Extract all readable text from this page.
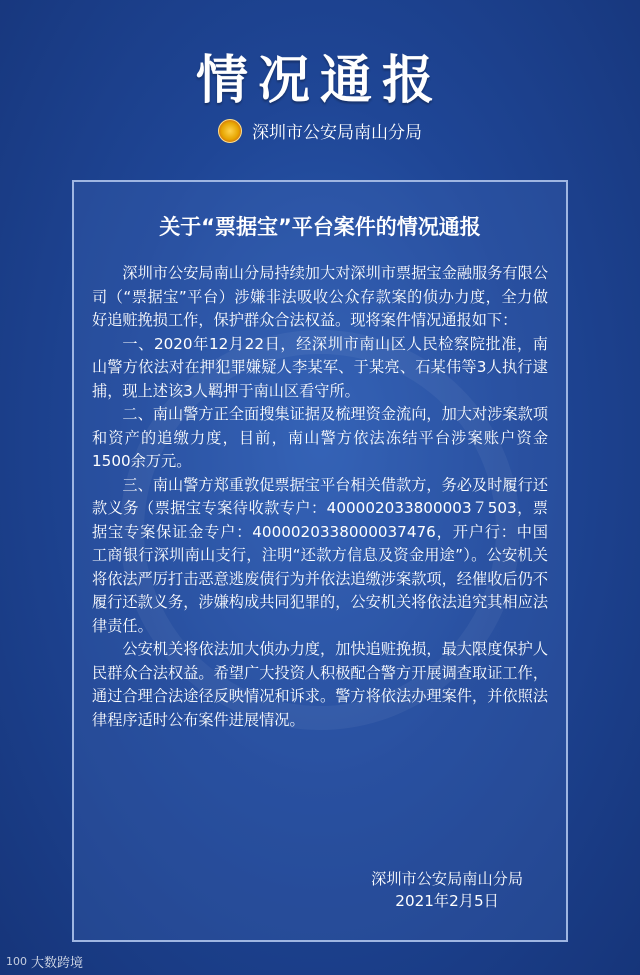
情况通报
深圳市公安局南山分局
关于“票据宝”平台案件的情况通报

深圳市公安局南山分局持续加大对深圳市票据宝金融服务有限公司（“票据宝”平台）涉嫌非法吸收公众存款案的侦办力度，全力做好追赃挽损工作，保护群众合法权益。现将案件情况通报如下：

一、2020年12月22日，经深圳市南山区人民检察院批准，南山警方依法对在押犯罪嫌疑人李某军、于某亮、石某伟等3人执行逮捕，现上述该3人羁押于南山区看守所。

二、南山警方正全面搜集证据及梳理资金流向，加大对涉案款项和资产的追缴力度，目前，南山警方依法冻结平台涉案账户资金1500余万元。

三、南山警方郑重敦促票据宝平台相关借款方，务必及时履行还款义务（票据宝专案待收款专户：400002033800003７503，票据宝专案保证金专户：4000020338000037476，开户行：中国工商银行深圳南山支行，注明“还款方信息及资金用途”）。公安机关将依法严厉打击恶意逃废债行为并依法追缴涉案款项，经催收后仍不履行还款义务，涉嫌构成共同犯罪的，公安机关将依法追究其相应法律责任。

公安机关将依法加大侦办力度，加快追赃挽损，最大限度保护人民群众合法权益。希望广大投资人积极配合警方开展调查取证工作，通过合理合法途径反映情况和诉求。警方将依法办理案件，并依照法律程序适时公布案件进展情况。

深圳市公安局南山分局
2021年2月5日
100 大数跨境
